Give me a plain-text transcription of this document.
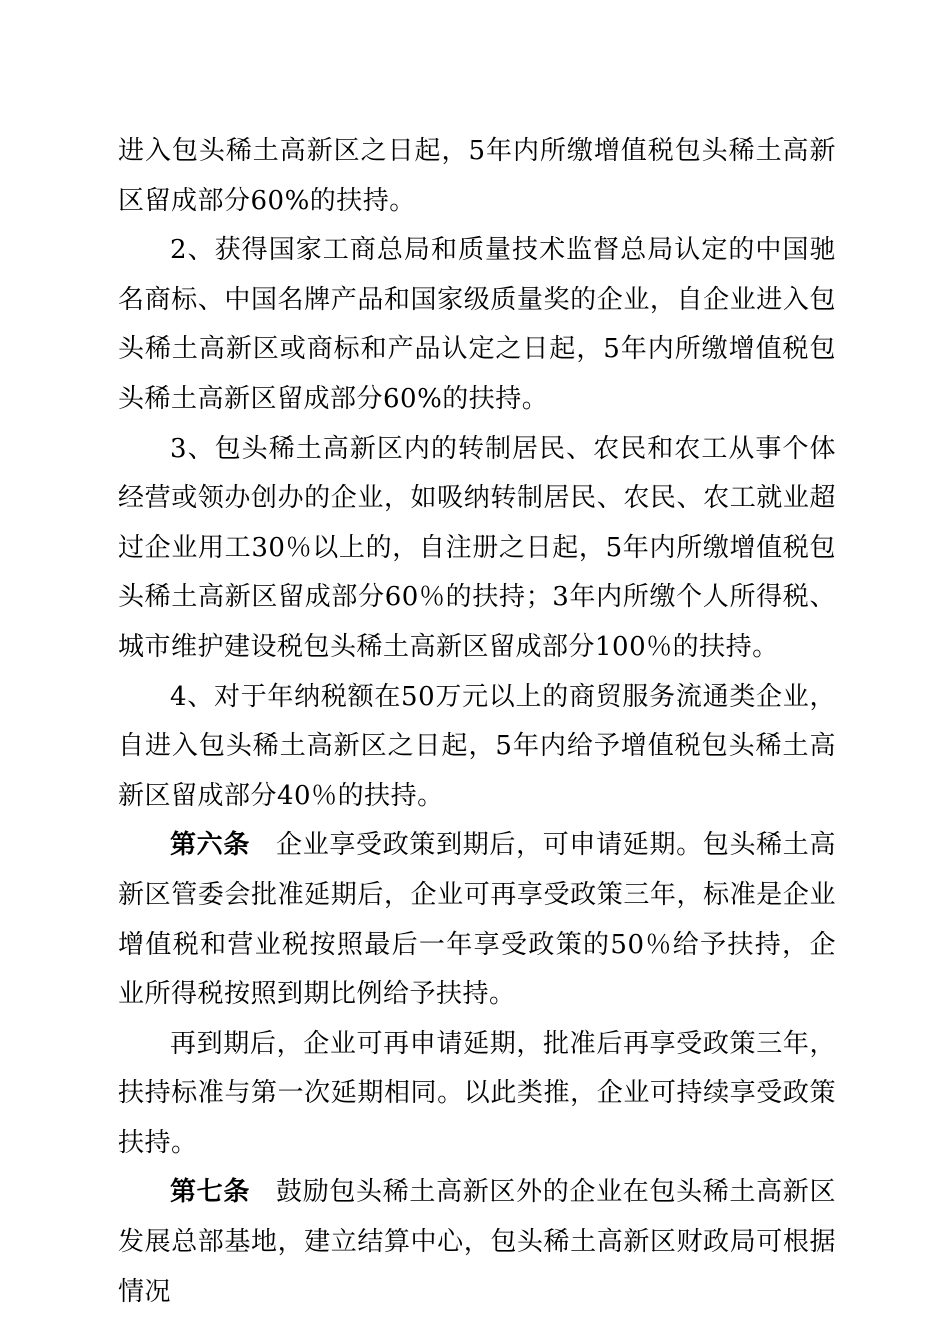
进入包头稀土高新区之日起，5年内所缴增值税包头稀土高新区留成部分60%的扶持。

2、获得国家工商总局和质量技术监督总局认定的中国驰名商标、中国名牌产品和国家级质量奖的企业，自企业进入包头稀土高新区或商标和产品认定之日起，5年内所缴增值税包头稀土高新区留成部分60%的扶持。

3、包头稀土高新区内的转制居民、农民和农工从事个体经营或领办创办的企业，如吸纳转制居民、农民、农工就业超过企业用工30％以上的，自注册之日起，5年内所缴增值税包头稀土高新区留成部分60％的扶持；3年内所缴个人所得税、城市维护建设税包头稀土高新区留成部分100％的扶持。

4、对于年纳税额在50万元以上的商贸服务流通类企业，自进入包头稀土高新区之日起，5年内给予增值税包头稀土高新区留成部分40％的扶持。

第六条 企业享受政策到期后，可申请延期。包头稀土高新区管委会批准延期后，企业可再享受政策三年，标准是企业增值税和营业税按照最后一年享受政策的50％给予扶持，企业所得税按照到期比例给予扶持。

再到期后，企业可再申请延期，批准后再享受政策三年，扶持标准与第一次延期相同。以此类推，企业可持续享受政策扶持。

第七条 鼓励包头稀土高新区外的企业在包头稀土高新区发展总部基地，建立结算中心，包头稀土高新区财政局可根据情况
